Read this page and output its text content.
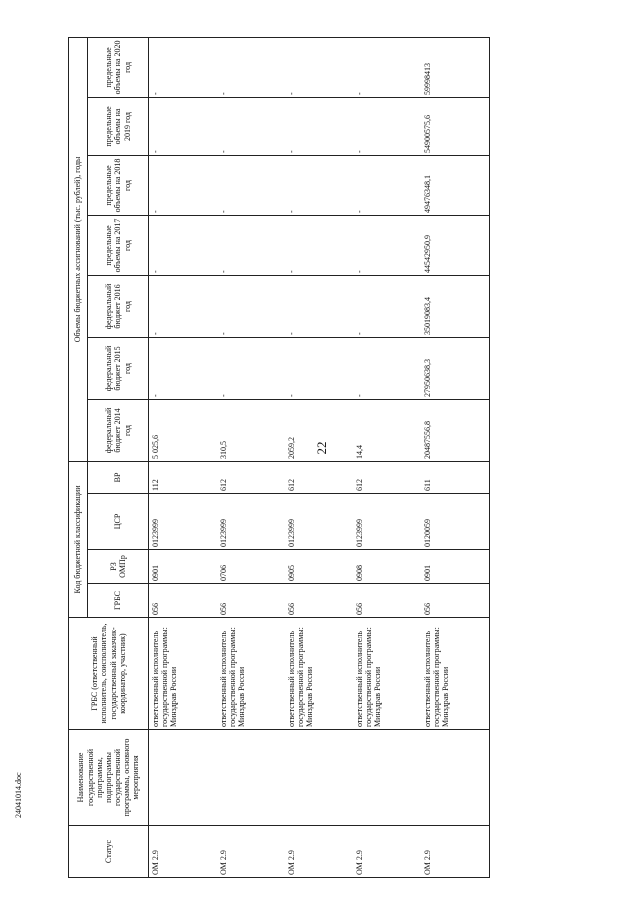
22
24041014.doc
Статус	Наименование государственной программы, подпрограммы государственной программы, основного мероприятия	ГРБС (ответственный исполнитель, соисполнитель, государственный заказчик-координатор, участник)	Код бюджетной классификации				Объемы бюджетных ассигнований (тыс. рублей), годы						
			ГРБС	РЗ ОМПр	ЦСР	ВР	федеральный бюджет 2014 год	федеральный бюджет 2015 год	федеральный бюджет 2016 год	предельные объемы на 2017 год	предельные объемы на 2018 год	предельные объемы на 2019 год	предельные объемы на 2020 год
ОМ 2.9		ответственный исполнитель государственной программы: Минздрав России	056	0901	0123999	112	5 025,6	-	-	-	-	-	-
ОМ 2.9		ответственный исполнитель государственной программы: Минздрав России	056	0706	0123999	612	310,5	-	-	-	-	-	-
ОМ 2.9		ответственный исполнитель государственной программы: Минздрав России	056	0905	0123999	612	2059,2	-	-	-	-	-	-
ОМ 2.9		ответственный исполнитель государственной программы: Минздрав России	056	0908	0123999	612	14,4	-	-	-	-	-	-
ОМ 2.9		ответственный исполнитель государственной программы: Минздрав России	056	0901	0120059	611	20487556,8	27950638,3	35019083,4	44542950,9	49476348,1	54900575,6	59998413
